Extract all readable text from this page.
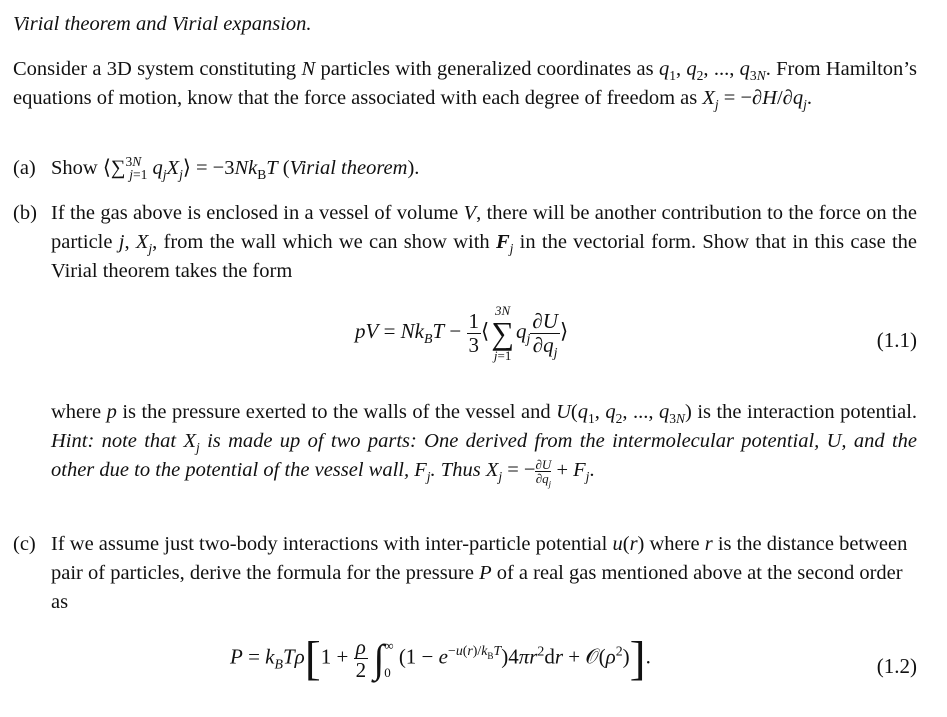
Virial theorem and Virial expansion.
Consider a 3D system constituting N particles with generalized coordinates as $q_1$, $q_2$, ..., $q_{3N}$. From Hamilton’s equations of motion, know that the force associated with each degree of freedom as $X_j = -\partial H/\partial q_j$.
(a) Show ⟨∑$^{3N}_{j=1}$ $q_jX_j⟩ = -3Nk_BT$ (Virial theorem).
(b) If the gas above is enclosed in a vessel of volume V, there will be another contribution to the force on the particle j, $X_j$, from the wall which we can show with $F_j$ in the vectorial form. Show that in this case the Virial theorem takes the form
pV = $Nk_BT - \frac{1}{3}$ ⟨
3N
∑
j=1
$q_j \frac{\partial U}{\partial q_j}$ ⟩	(1.1)
where p is the pressure exerted to the walls of the vessel and $U(q_1$, $q_2$, ..., $q_{3N}$) is the interaction potential. Hint: note that $X_j$ is made up of two parts: One derived from the intermolecular potential, U, and the other due to the potential of the vessel wall, $F_j$. Thus $X_j$ = − $\frac{\partial U}{\partial q_j} + F_j$.
(c) If we assume just two-body interactions with inter-particle potential u(r) where r is the distance between pair of particles, derive the formula for the pressure P of a real gas mentioned above at the second order as
$P = k_BT\rho[1 + \frac{\rho}{2}$ ∫ ∞
0
$(1 - e^{-u(r)/k_BT})4\pi r^2dr$ + $𝒪(\rho^2)$].	(1.2)
